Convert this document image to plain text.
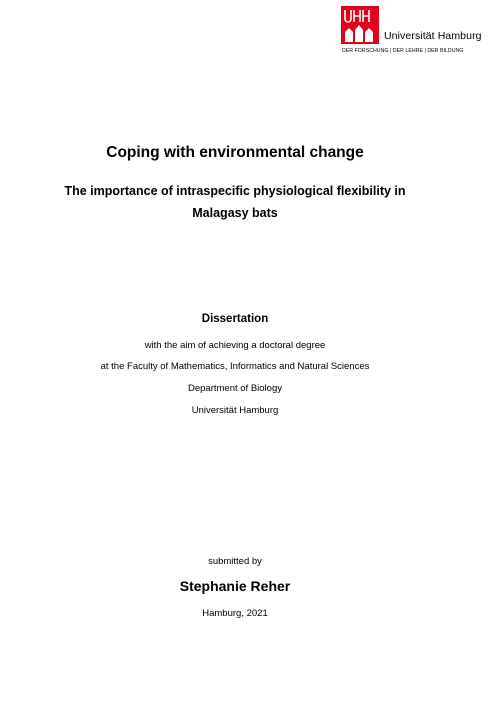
Universität Hamburg
DER FORSCHUNG | DER LEHRE | DER BILDUNG
Coping with environmental change
The importance of intraspecific physiological flexibility in
Malagasy bats
Dissertation
with the aim of achieving a doctoral degree
at the Faculty of Mathematics, Informatics and Natural Sciences
Department of Biology
Universität Hamburg
submitted by
Stephanie Reher
Hamburg, 2021
